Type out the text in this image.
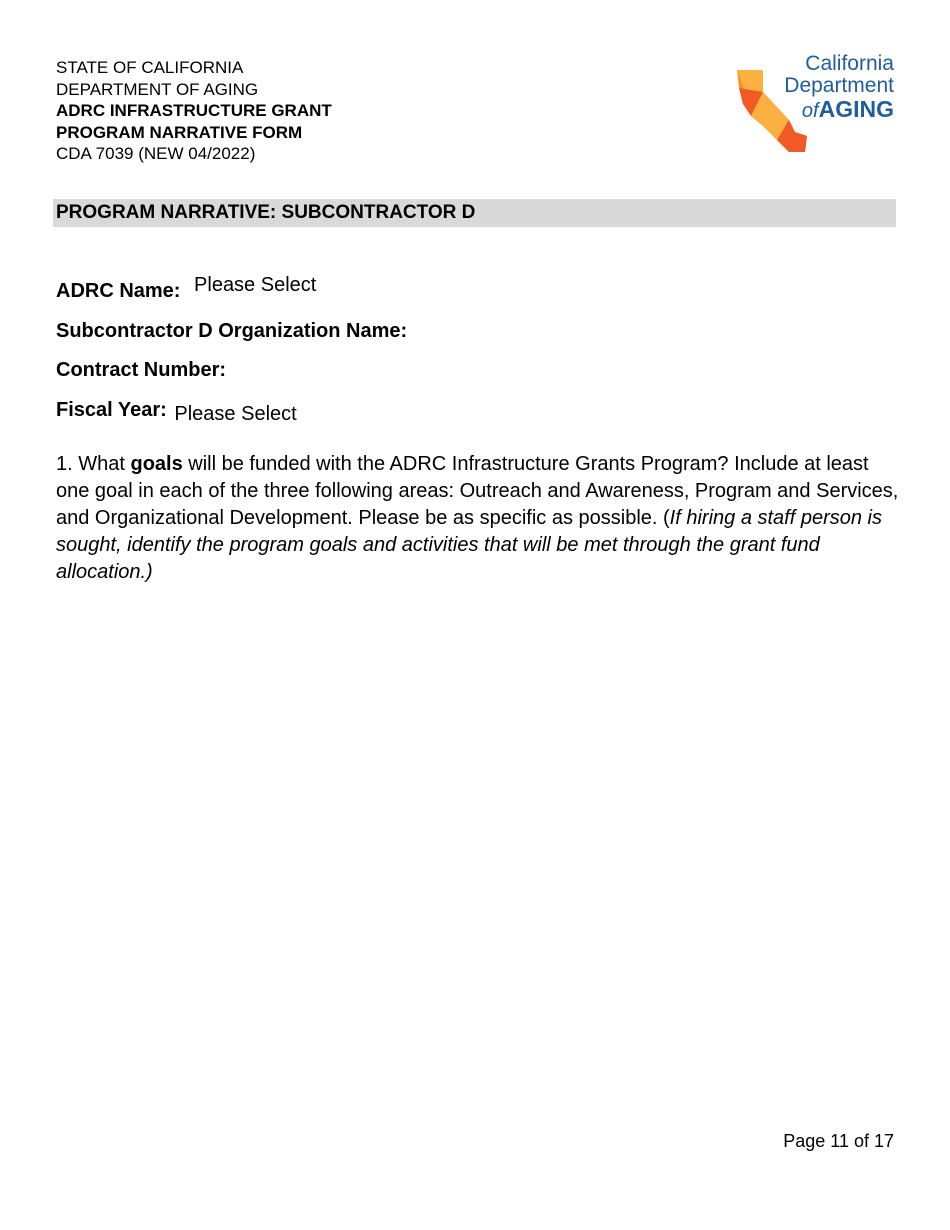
STATE OF CALIFORNIA
DEPARTMENT OF AGING
ADRC INFRASTRUCTURE GRANT
PROGRAM NARRATIVE FORM
CDA 7039 (NEW 04/2022)
California
Department
ofAGING
PROGRAM NARRATIVE: SUBCONTRACTOR D
ADRC Name: Please Select
Subcontractor D Organization Name:
Contract Number:
Fiscal Year: Please Select
1. What goals will be funded with the ADRC Infrastructure Grants Program? Include at least one goal in each of the three following areas: Outreach and Awareness, Program and Services, and Organizational Development. Please be as specific as possible. (If hiring a staff person is sought, identify the program goals and activities that will be met through the grant fund allocation.)
Page 11 of 17
